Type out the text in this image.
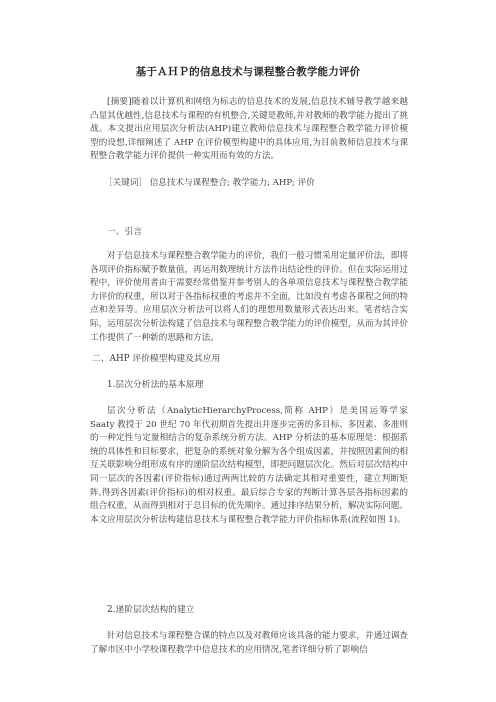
基于ＡＨＰ的信息技术与课程整合教学能力评价
[摘要]随着以计算机和网络为标志的信息技术的发展,信息技术辅导教学越来越凸显其优越性,信息技术与课程的有机整合,关键是教师,并对教师的教学能力提出了挑战。本文提出应用层次分析法(AHP)建立教师信息技术与课程整合教学能力评价模型的设想,详细阐述了 AHP 在评价模型构建中的具体应用,为目前教师信息技术与课程整合教学能力评价提供一种实用而有效的方法。
［关键词］ 信息技术与课程整合; 教学能力; AHP; 评价
一、引言
对于信息技术与课程整合教学能力的评价，我们一般习惯采用定量评价法，即将各项评价指标赋予数量值，再运用数理统计方法作出结论性的评价。但在实际运用过程中，评价使用者由于需要经常借鉴并参考别人的各单项信息技术与课程整合教学能力评价的权重，所以对于各指标权重的考虑并不全面，比如没有考虑各课程之间的特点和差异等。应用层次分析法可以将人们的理想用数量形式表达出来。笔者结合实际，运用层次分析法构建了信息技术与课程整合教学能力的评价模型，从而为其评价工作提供了一种新的思路和方法。
二、AHP 评价模型构建及其应用
1.层次分析法的基本原理
层次分析法（AnalyticHierarchyProcess,简称 AHP）是美国运筹学家 Saaty 教授于 20 世纪 70 年代初期首先提出并逐步完善的多目标、多因素、多准则的一种定性与定量相结合的复杂系统分析方法。AHP 分析法的基本原理是：根据系统的具体性和目标要求，把复杂的系统对象分解为各个组成因素，并按照因素间的相互关联影响分组形成有序的递阶层次结构模型，即把问题层次化。然后对层次结构中同一层次的各因素(评价指标)通过两两比较的方法确定其相对重要性，建立判断矩阵,得到各因素(评价指标)的相对权重。最后综合专家的判断计算各层各指标因素的组合权重，从而得到相对于总目标的优先顺序。通过排序结果分析，解决实际问题。本文应用层次分析法构建信息技术与课程整合教学能力评价指标体系(流程如图 1)。
2.递阶层次结构的建立
针对信息技术与课程整合课的特点以及对教师应该具备的能力要求，并通过调查了解市区中小学校课程教学中信息技术的应用情况,笔者详细分析了影响信
